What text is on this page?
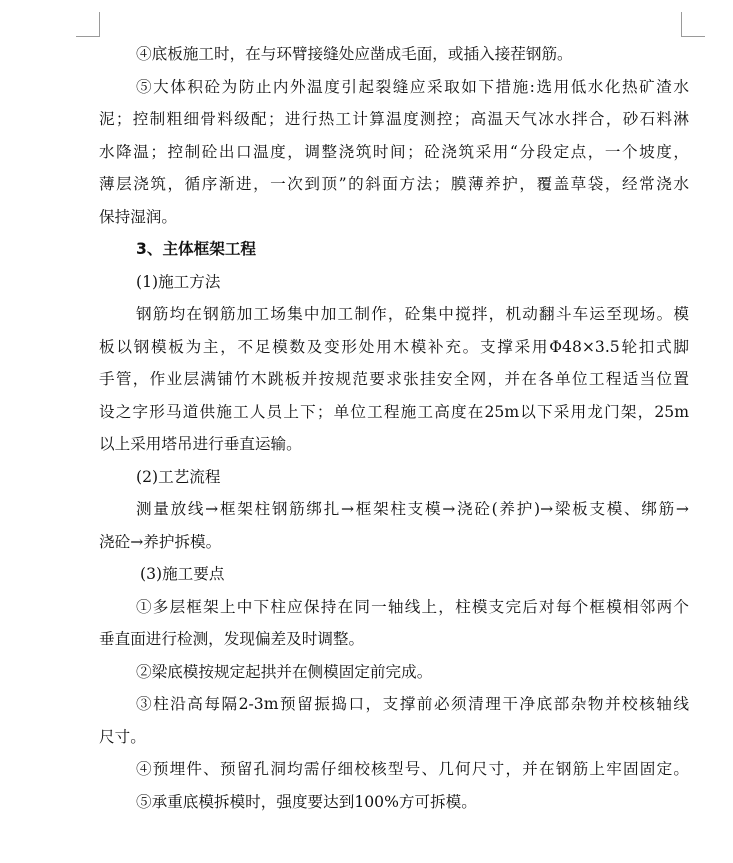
④底板施工时，在与环臂接缝处应凿成毛面，或插入接茬钢筋。
⑤大体积砼为防止内外温度引起裂缝应采取如下措施:选用低水化热矿渣水
泥；控制粗细骨料级配；进行热工计算温度测控；高温天气冰水拌合，砂石料淋
水降温；控制砼出口温度，调整浇筑时间；砼浇筑采用“分段定点，一个坡度，
薄层浇筑，循序渐进，一次到顶”的斜面方法；膜薄养护，覆盖草袋，经常浇水
保持湿润。
3、主体框架工程
(1)施工方法
钢筋均在钢筋加工场集中加工制作，砼集中搅拌，机动翻斗车运至现场。模
板以钢模板为主，不足模数及变形处用木模补充。支撑采用Φ48×3.5轮扣式脚
手管，作业层满铺竹木跳板并按规范要求张挂安全网，并在各单位工程适当位置
设之字形马道供施工人员上下；单位工程施工高度在25m以下采用龙门架，25m
以上采用塔吊进行垂直运输。
(2)工艺流程
测量放线→框架柱钢筋绑扎→框架柱支模→浇砼(养护)→梁板支模、绑筋→
浇砼→养护拆模。
(3)施工要点
①多层框架上中下柱应保持在同一轴线上，柱模支完后对每个框模相邻两个
垂直面进行检测，发现偏差及时调整。
②梁底模按规定起拱并在侧模固定前完成。
③柱沿高每隔2-3m预留振捣口，支撑前必须清理干净底部杂物并校核轴线
尺寸。
④预埋件、预留孔洞均需仔细校核型号、几何尺寸，并在钢筋上牢固固定。
⑤承重底模拆模时，强度要达到100%方可拆模。
